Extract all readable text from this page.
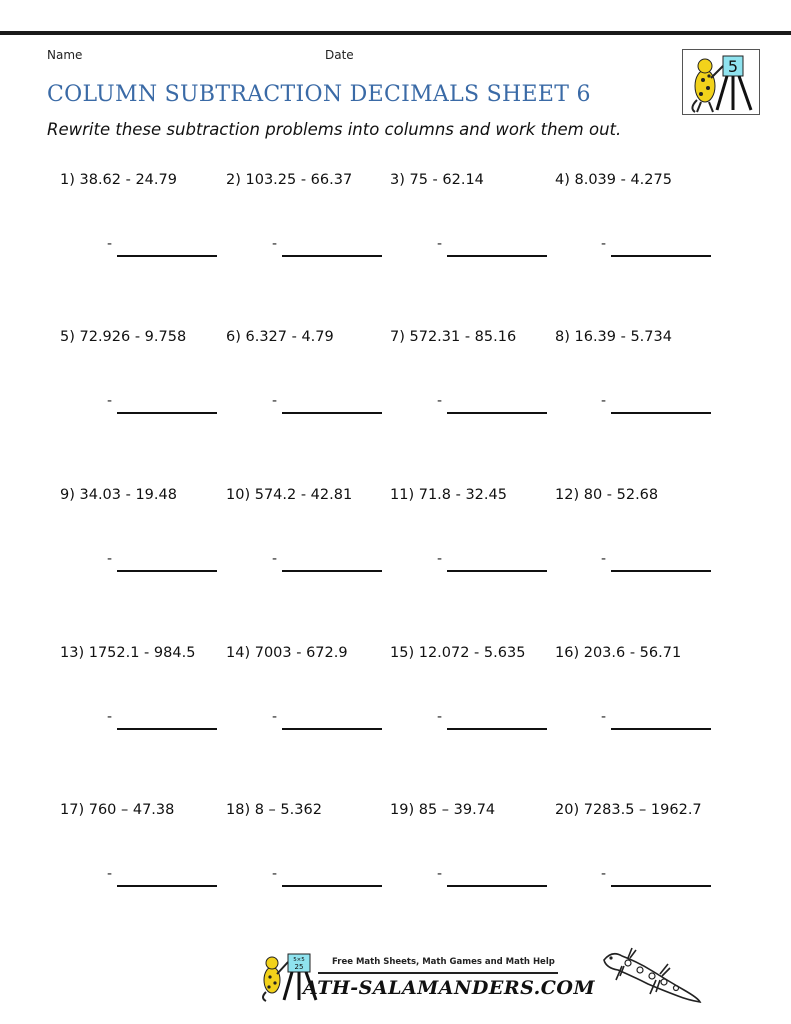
Name	Date
COLUMN SUBTRACTION DECIMALS SHEET 6

Rewrite these subtraction problems into columns and work them out.

5
1) 38.62 - 24.79
-
2) 103.25 - 66.37
-
3) 75 - 62.14
-
4) 8.039 - 4.275
-
5) 72.926 - 9.758
-
6) 6.327 - 4.79
-
7) 572.31 - 85.16
-
8) 16.39 - 5.734
-
9) 34.03 - 19.48
-
10) 574.2 - 42.81
-
11) 71.8 - 32.45
-
12) 80 - 52.68
-
13) 1752.1 - 984.5
-
14) 7003 - 672.9
-
15) 12.072 - 5.635
-
16) 203.6 - 56.71
-
17) 760 – 47.38
-
18) 8 – 5.362
-
19) 85 – 39.74
-
20) 7283.5 – 1962.7
-
5×5
25	Free Math Sheets, Math Games and Math Help
ATH-SALAMANDERS.COM
